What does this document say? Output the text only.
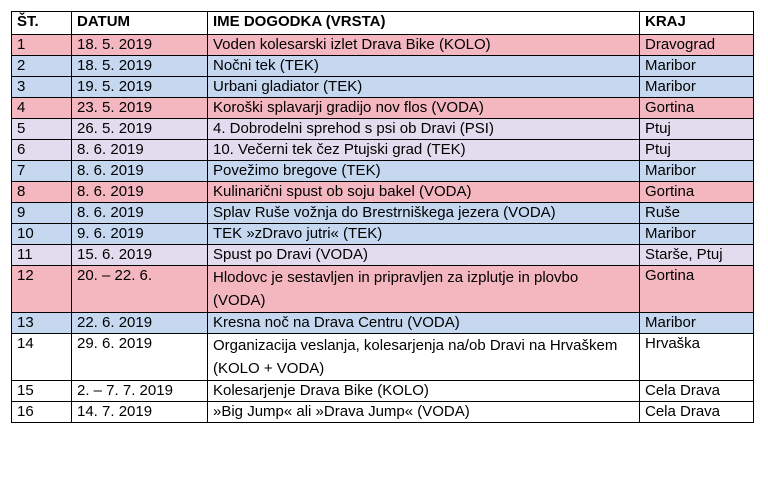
ŠT.	DATUM	IME DOGODKA (VRSTA)	KRAJ
1	18. 5. 2019	Voden kolesarski izlet Drava Bike (KOLO)	Dravograd
2	18. 5. 2019	Nočni tek (TEK)	Maribor
3	19. 5. 2019	Urbani gladiator (TEK)	Maribor
4	23. 5. 2019	Koroški splavarji gradijo nov flos (VODA)	Gortina
5	26. 5. 2019	4. Dobrodelni sprehod s psi ob Dravi (PSI)	Ptuj
6	8. 6. 2019	10. Večerni tek čez Ptujski grad (TEK)	Ptuj
7	8. 6. 2019	Povežimo bregove (TEK)	Maribor
8	8. 6. 2019	Kulinarični spust ob soju bakel (VODA)	Gortina
9	8. 6. 2019	Splav Ruše vožnja do Brestrniškega jezera (VODA)	Ruše
10	9. 6. 2019	TEK »zDravo jutri« (TEK)	Maribor
11	15. 6. 2019	Spust po Dravi (VODA)	Starše, Ptuj
12	20. – 22. 6.	Hlodovc je sestavljen in pripravljen za izplutje in plovbo (VODA)	Gortina
13	22. 6. 2019	Kresna noč na Drava Centru (VODA)	Maribor
14	29. 6. 2019	Organizacija veslanja, kolesarjenja na/ob Dravi na Hrvaškem (KOLO + VODA)	Hrvaška
15	2. – 7. 7. 2019	Kolesarjenje Drava Bike (KOLO)	Cela Drava
16	14. 7. 2019	»Big Jump« ali »Drava Jump« (VODA)	Cela Drava
